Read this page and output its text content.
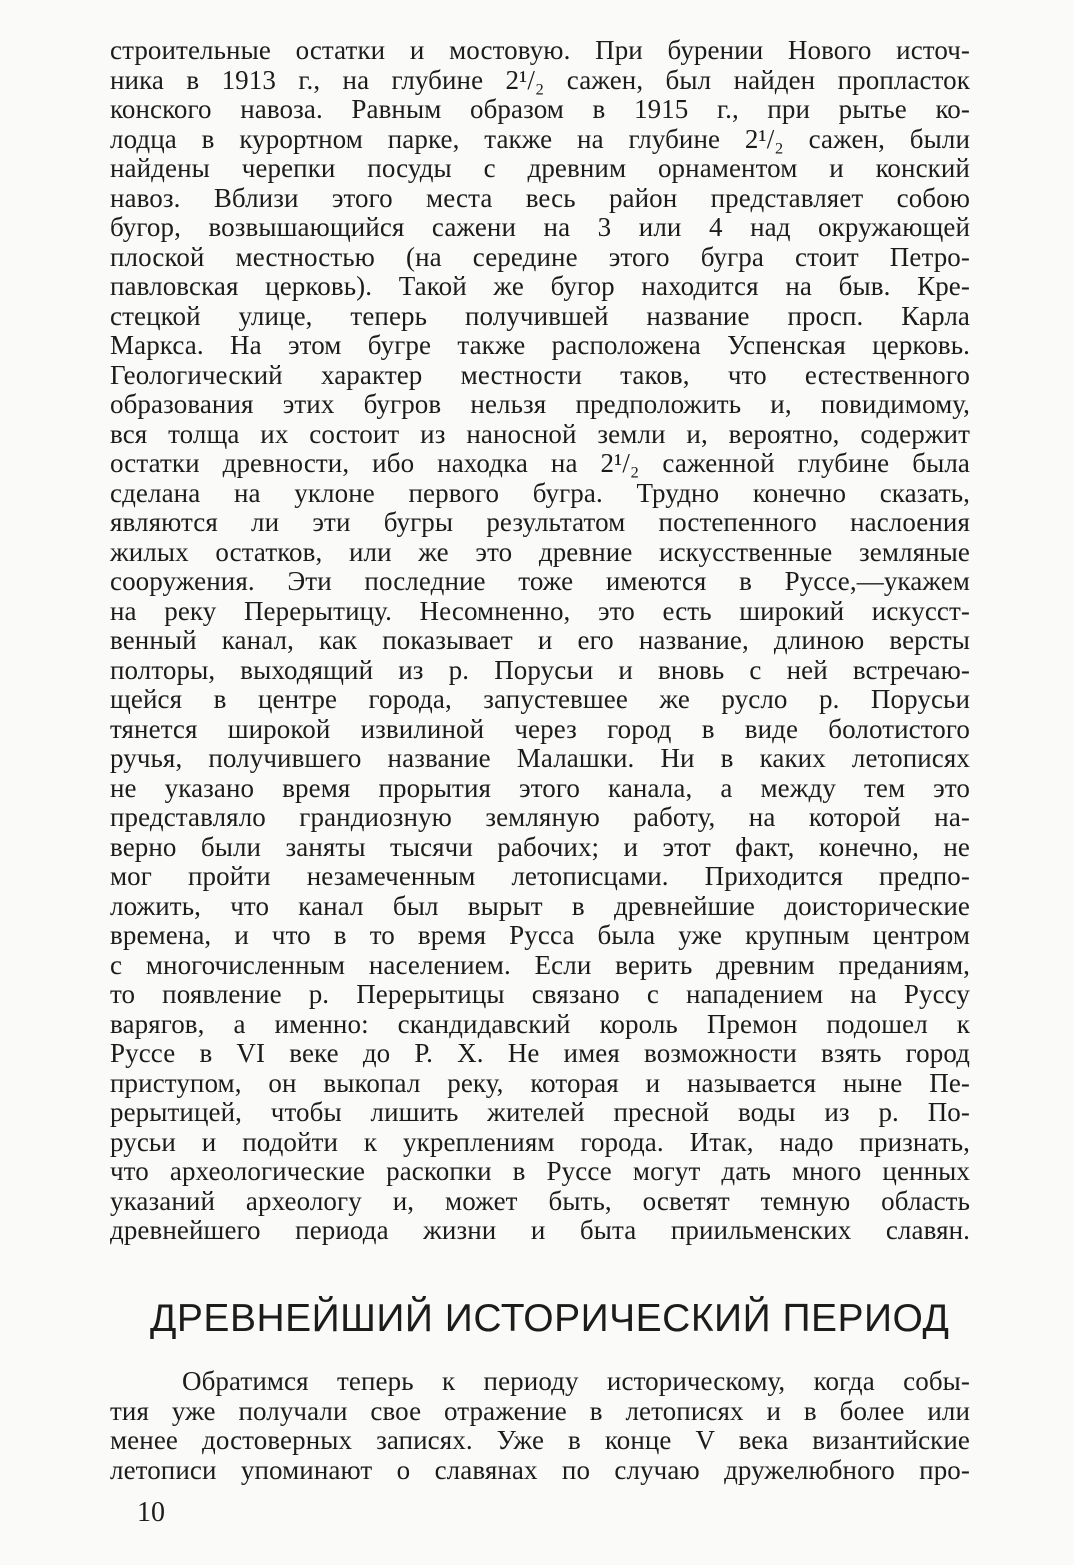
строительные остатки и мостовую. При бурении Нового источ-
ника в 1913 г., на глубине 2¹/₂ сажен, был найден пропласток
конского навоза. Равным образом в 1915 г., при рытье ко-
лодца в курортном парке, также на глубине 2¹/₂ сажен, были
найдены черепки посуды с древним орнаментом и конский
навоз. Вблизи этого места весь район представляет собою
бугор, возвышающийся сажени на 3 или 4 над окружающей
плоской местностью (на середине этого бугра стоит Петро-
павловская церковь). Такой же бугор находится на быв. Кре-
стецкой улице, теперь получившей название просп. Карла
Маркса. На этом бугре также расположена Успенская церковь.
Геологический характер местности таков, что естественного
образования этих бугров нельзя предположить и, повидимому,
вся толща их состоит из наносной земли и, вероятно, содержит
остатки древности, ибо находка на 2¹/₂ саженной глубине была
сделана на уклоне первого бугра. Трудно конечно сказать,
являются ли эти бугры результатом постепенного наслоения
жилых остатков, или же это древние искусственные земляные
сооружения. Эти последние тоже имеются в Руссе,—укажем
на реку Перерытицу. Несомненно, это есть широкий искусст-
венный канал, как показывает и его название, длиною версты
полторы, выходящий из р. Порусьи и вновь с ней встречаю-
щейся в центре города, запустевшее же русло р. Порусьи
тянется широкой извилиной через город в виде болотистого
ручья, получившего название Малашки. Ни в каких летописях
не указано время прорытия этого канала, а между тем это
представляло грандиозную земляную работу, на которой на-
верно были заняты тысячи рабочих; и этот факт, конечно, не
мог пройти незамеченным летописцами. Приходится предпо-
ложить, что канал был вырыт в древнейшие доисторические
времена, и что в то время Русса была уже крупным центром
с многочисленным населением. Если верить древним преданиям,
то появление р. Перерытицы связано с нападением на Руссу
варягов, а именно: скандидавский король Премон подошел к
Руссе в VI веке до Р. Х. Не имея возможности взять город
приступом, он выкопал реку, которая и называется ныне Пе-
рерытицей, чтобы лишить жителей пресной воды из р. По-
русьи и подойти к укреплениям города. Итак, надо признать,
что археологические раскопки в Руссе могут дать много ценных
указаний археологу и, может быть, осветят темную область
древнейшего периода жизни и быта приильменских славян.
ДРЕВНЕЙШИЙ ИСТОРИЧЕСКИЙ ПЕРИОД
Обратимся теперь к периоду историческому, когда собы-
тия уже получали свое отражение в летописях и в более или
менее достоверных записях. Уже в конце V века византийские
летописи упоминают о славянах по случаю дружелюбного про-
10
